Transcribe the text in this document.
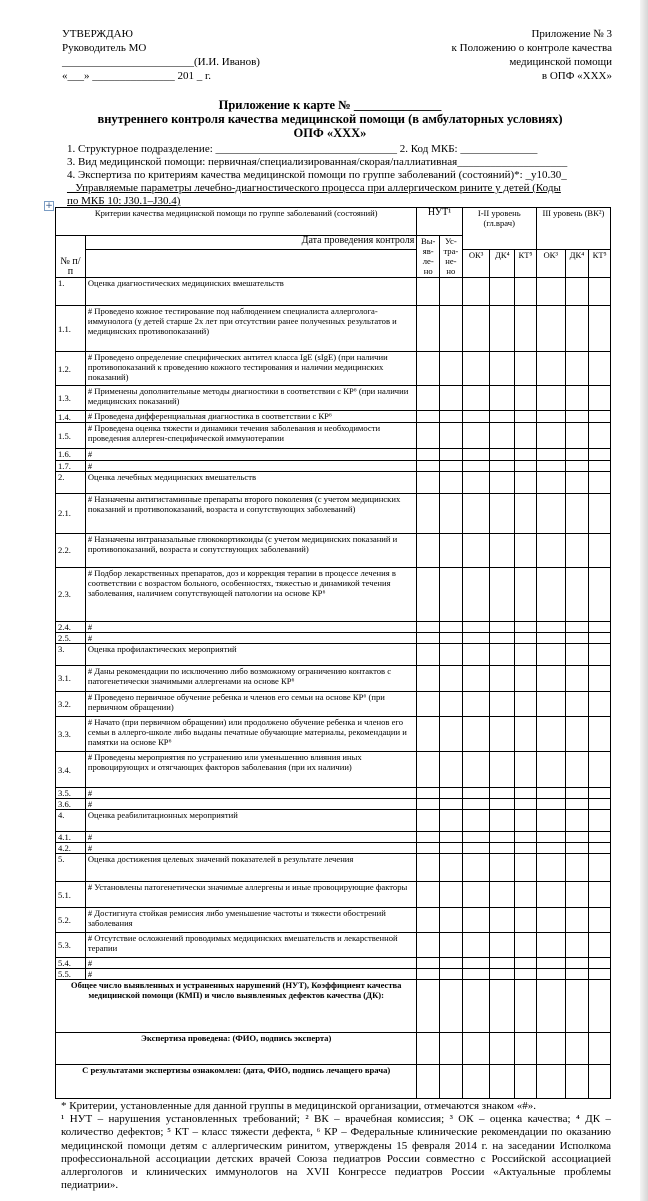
УТВЕРЖДАЮ
Руководитель МО
________________________(И.И. Иванов)
«___» _______________ 201 _ г.
Приложение № 3
к Положению о контроле качества
медицинской помощи
в ОПФ «XXX»
Приложение к карте № ______________
внутреннего контроля качества медицинской помощи (в амбулаторных условиях)
ОПФ «XXX»
1. Структурное подразделение: _________________________________ 2. Код МКБ: ______________
3. Вид медицинской помощи: первичная/специализированная/скорая/паллиативная____________________
4. Экспертиза по критериям качества медицинской помощи по группе заболеваний (состояний)*: _у10.30_
_ Управляемые параметры лечебно-диагностического процесса при аллергическом рините у детей (Коды
по МКБ 10: J30.1–J30.4)
+
Критерии качества медицинской помощи по группе заболеваний (состояний)		НУТ¹		I-II уровень (гл.врач)			III уровень (ВК²)		
№ п/п	Дата проведения контроля	Вы-яв-ле-но	Ус-тра-не-но						
				ОК³	ДК⁴	КТ⁵	ОК³	ДК⁴	КТ⁵
1.	Оценка диагностических медицинских вмешательств								
1.1.	# Проведено кожное тестирование под наблюдением специалиста аллерголога-иммунолога (у детей старше 2х лет при отсутствии ранее полученных результатов и медицинских противопоказаний)								
1.2.	# Проведено определение специфических антител класса IgE (sIgE) (при наличии противопоказаний к проведению кожного тестирования и наличии медицинских показаний)								
1.3.	# Применены дополнительные методы диагностики в соответствии с КР⁶ (при наличии медицинских показаний)								
1.4.	# Проведена дифференциальная диагностика в соответствии с КР⁶								
1.5.	# Проведена оценка тяжести и динамики течения заболевания и необходимости проведения аллерген-специфической иммунотерапии								
1.6.	#								
1.7.	#								
2.	Оценка лечебных медицинских вмешательств								
2.1.	# Назначены антигистаминные препараты второго поколения (с учетом медицинских показаний и противопоказаний, возраста и сопутствующих заболеваний)								
2.2.	# Назначены интраназальные глюкокортикоиды (с учетом медицинских показаний и противопоказаний, возраста и сопутствующих заболеваний)								
2.3.	# Подбор лекарственных препаратов, доз и коррекция терапии в процессе лечения в соответствии с возрастом больного, особенностях, тяжестью и динамикой течения заболевания, наличием сопутствующей патологии на основе КР⁶								
2.4.	#								
2.5.	#								
3.	Оценка профилактических мероприятий								
3.1.	# Даны рекомендации по исключению либо возможному ограничению контактов с патогенетически значимыми аллергенами на основе КР⁶								
3.2.	# Проведено первичное обучение ребенка и членов его семьи на основе КР⁶ (при первичном обращении)								
3.3.	# Начато (при первичном обращении) или продолжено обучение ребенка и членов его семьи в аллерго-школе либо выданы печатные обучающие материалы, рекомендации и памятки на основе КР⁶								
3.4.	# Проведены мероприятия по устранению или уменьшению влияния иных провоцирующих и отягчающих факторов заболевания (при их наличии)								
3.5.	#								
3.6.	#								
4.	Оценка реабилитационных мероприятий								
4.1.	#								
4.2.	#								
5.	Оценка достижения целевых значений показателей в результате лечения								
5.1.	# Установлены патогенетически значимые аллергены и иные провоцирующие факторы								
5.2.	# Достигнута стойкая ремиссия либо уменьшение частоты и тяжести обострений заболевания								
5.3.	# Отсутствие осложнений проводимых медицинских вмешательств и лекарственной терапии								
5.4.	#								
5.5.	#								
Общее число выявленных и устраненных нарушений (НУТ), Коэффициент качества медицинской помощи (КМП) и число выявленных дефектов качества (ДК):									
Экспертиза проведена: (ФИО, подпись эксперта)									
С результатами экспертизы ознакомлен: (дата, ФИО, подпись лечащего врача)									
* Критерии, установленные для данной группы в медицинской организации, отмечаются знаком «#».
¹ НУТ – нарушения установленных требований; ² ВК – врачебная комиссия; ³ ОК – оценка качества; ⁴ ДК – количество дефектов; ⁵ КТ – класс тяжести дефекта, ⁶ КР – Федеральные клинические рекомендации по оказанию медицинской помощи детям с аллергическим ринитом, утверждены 15 февраля 2014 г. на заседании Исполкома профессиональной ассоциации детских врачей Союза педиатров России совместно с Российской ассоциацией аллергологов и клинических иммунологов на XVII Конгрессе педиатров России «Актуальные проблемы педиатрии».
